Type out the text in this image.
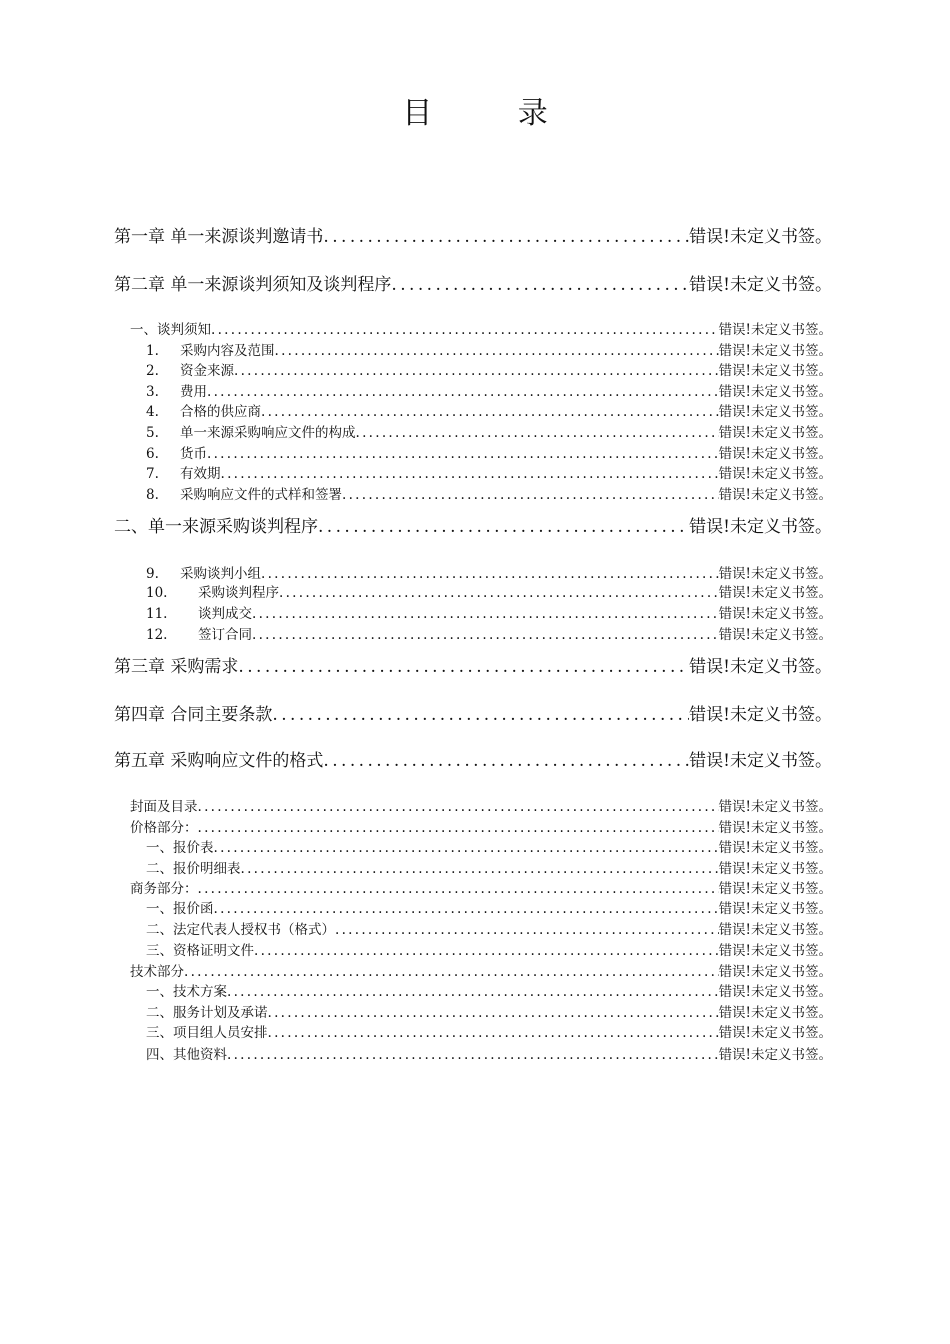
目 录
第一章 单一来源谈判邀请书 . . .	错误!未定义书签。
第二章 单一来源谈判须知及谈判程序 . . .	错误!未定义书签。
一、谈判须知 . . .	错误!未定义书签。
1.	采购内容及范围 . . .	错误!未定义书签。
2.	资金来源 . . .	错误!未定义书签。
3.	费用 . . .	错误!未定义书签。
4.	合格的供应商 . . .	错误!未定义书签。
5.	单一来源采购响应文件的构成 . . .	错误!未定义书签。
6.	货币 . . .	错误!未定义书签。
7.	有效期 . . .	错误!未定义书签。
8.	采购响应文件的式样和签署 . . .	错误!未定义书签。
二、单一来源采购谈判程序 . . .	错误!未定义书签。
9.	采购谈判小组 . . .	错误!未定义书签。
10.	采购谈判程序 . . .	错误!未定义书签。
11.	谈判成交 . . .	错误!未定义书签。
12.	签订合同 . . .	错误!未定义书签。
第三章 采购需求 . . .	错误!未定义书签。
第四章 合同主要条款 . . .	错误!未定义书签。
第五章 采购响应文件的格式 . . .	错误!未定义书签。
封面及目录 . . .	错误!未定义书签。
价格部分： . . .	错误!未定义书签。
一、报价表 . . .	错误!未定义书签。
二、报价明细表 . . .	错误!未定义书签。
商务部分： . . .	错误!未定义书签。
一、报价函 . . .	错误!未定义书签。
二、法定代表人授权书（格式） . . .	错误!未定义书签。
三、资格证明文件 . . .	错误!未定义书签。
技术部分 . . .	错误!未定义书签。
一、技术方案 . . .	错误!未定义书签。
二、服务计划及承诺 . . .	错误!未定义书签。
三、项目组人员安排 . . .	错误!未定义书签。
四、其他资料 . . .	错误!未定义书签。
